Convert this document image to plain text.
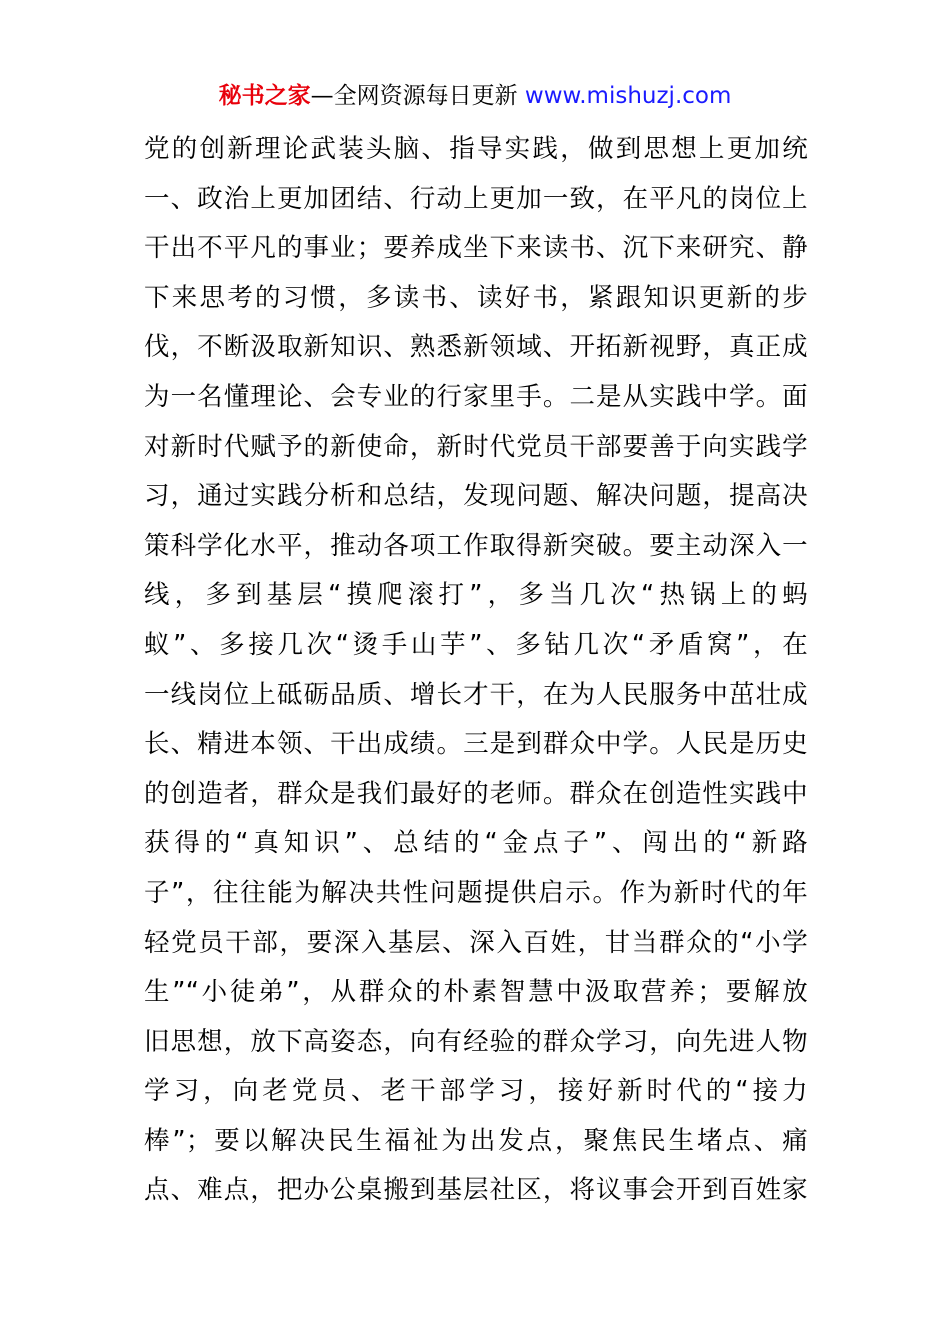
秘书之家—全网资源每日更新 www.mishuzj.com
党的创新理论武装头脑、指导实践，做到思想上更加统
一、政治上更加团结、行动上更加一致，在平凡的岗位上
干出不平凡的事业；要养成坐下来读书、沉下来研究、静
下来思考的习惯，多读书、读好书，紧跟知识更新的步
伐，不断汲取新知识、熟悉新领域、开拓新视野，真正成
为一名懂理论、会专业的行家里手。二是从实践中学。面
对新时代赋予的新使命，新时代党员干部要善于向实践学
习，通过实践分析和总结，发现问题、解决问题，提高决
策科学化水平，推动各项工作取得新突破。要主动深入一
线，多到基层“摸爬滚打”，多当几次“热锅上的蚂
蚁”、多接几次“烫手山芋”、多钻几次“矛盾窝”，在
一线岗位上砥砺品质、增长才干，在为人民服务中茁壮成
长、精进本领、干出成绩。三是到群众中学。人民是历史
的创造者，群众是我们最好的老师。群众在创造性实践中
获得的“真知识”、总结的“金点子”、闯出的“新路
子”，往往能为解决共性问题提供启示。作为新时代的年
轻党员干部，要深入基层、深入百姓，甘当群众的“小学
生”“小徒弟”，从群众的朴素智慧中汲取营养；要解放
旧思想，放下高姿态，向有经验的群众学习，向先进人物
学习，向老党员、老干部学习，接好新时代的“接力
棒”；要以解决民生福祉为出发点，聚焦民生堵点、痛
点、难点，把办公桌搬到基层社区，将议事会开到百姓家
